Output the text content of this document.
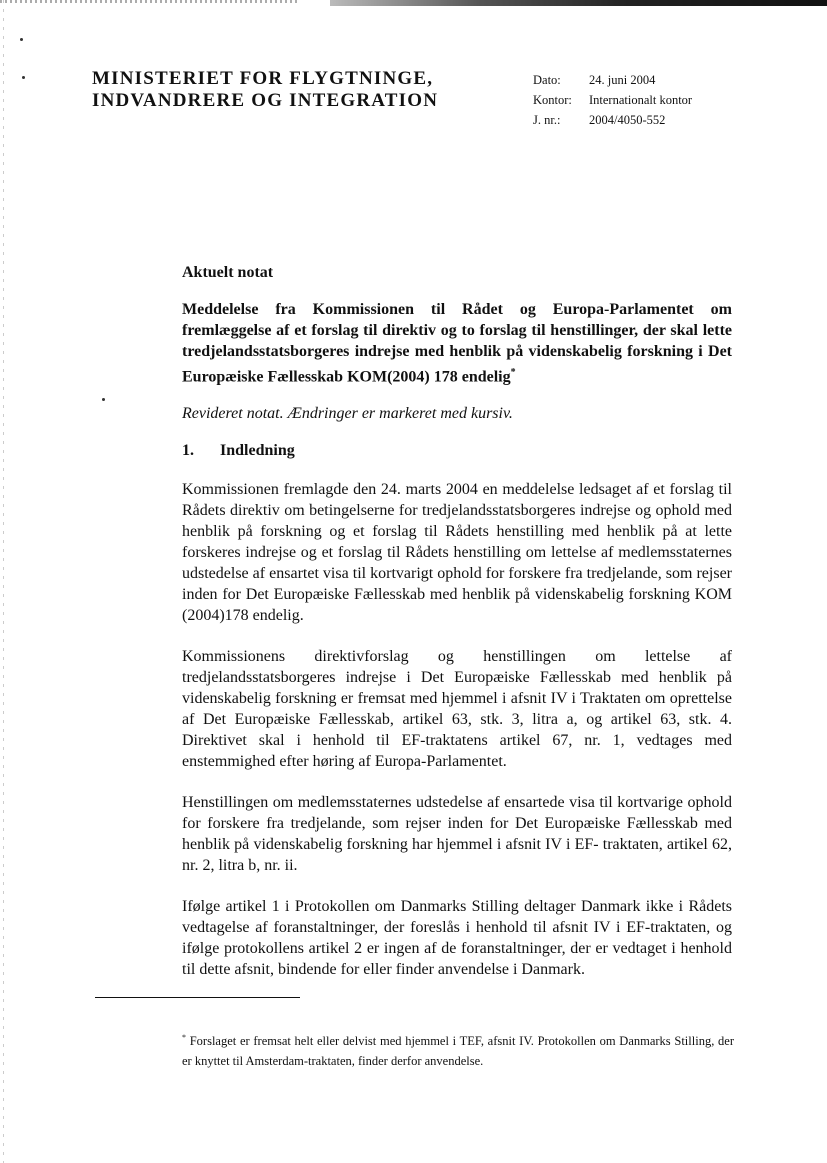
MINISTERIET FOR FLYGTNINGE,
INDVANDRERE OG INTEGRATION
Dato:	24. juni 2004
Kontor:	Internationalt kontor
J. nr.:	2004/4050-552
Aktuelt notat
Meddelelse fra Kommissionen til Rådet og Europa-Parlamentet om fremlæggelse af et forslag til direktiv og to forslag til henstillinger, der skal lette tredjelandsstatsborgeres indrejse med henblik på videnskabelig forskning i Det Europæiske Fællesskab KOM(2004) 178 endelig*
Revideret notat. Ændringer er markeret med kursiv.
1.	Indledning

Kommissionen fremlagde den 24. marts 2004 en meddelelse ledsaget af et forslag til Rådets direktiv om betingelserne for tredjelandsstatsborgeres indrejse og ophold med henblik på forskning og et forslag til Rådets henstilling med henblik på at lette forskeres indrejse og et forslag til Rådets henstilling om lettelse af medlemsstaternes udstedelse af ensartet visa til kortvarigt ophold for forskere fra tredjelande, som rejser inden for Det Europæiske Fællesskab med henblik på videnskabelig forskning KOM (2004)178 endelig.

Kommissionens direktivforslag og henstillingen om lettelse af tredjelandsstatsborgeres indrejse i Det Europæiske Fællesskab med henblik på videnskabelig forskning er fremsat med hjemmel i afsnit IV i Traktaten om oprettelse af Det Europæiske Fællesskab, artikel 63, stk. 3, litra a, og artikel 63, stk. 4. Direktivet skal i henhold til EF-traktatens artikel 67, nr. 1, vedtages med enstemmighed efter høring af Europa-Parlamentet.

Henstillingen om medlemsstaternes udstedelse af ensartede visa til kortvarige ophold for forskere fra tredjelande, som rejser inden for Det Europæiske Fællesskab med henblik på videnskabelig forskning har hjemmel i afsnit IV i EF- traktaten, artikel 62, nr. 2, litra b, nr. ii.

Ifølge artikel 1 i Protokollen om Danmarks Stilling deltager Danmark ikke i Rådets vedtagelse af foranstaltninger, der foreslås i henhold til afsnit IV i EF-traktaten, og ifølge protokollens artikel 2 er ingen af de foranstaltninger, der er vedtaget i henhold til dette afsnit, bindende for eller finder anvendelse i Danmark.

* Forslaget er fremsat helt eller delvist med hjemmel i TEF, afsnit IV. Protokollen om Danmarks Stilling, der er knyttet til Amsterdam-traktaten, finder derfor anvendelse.
